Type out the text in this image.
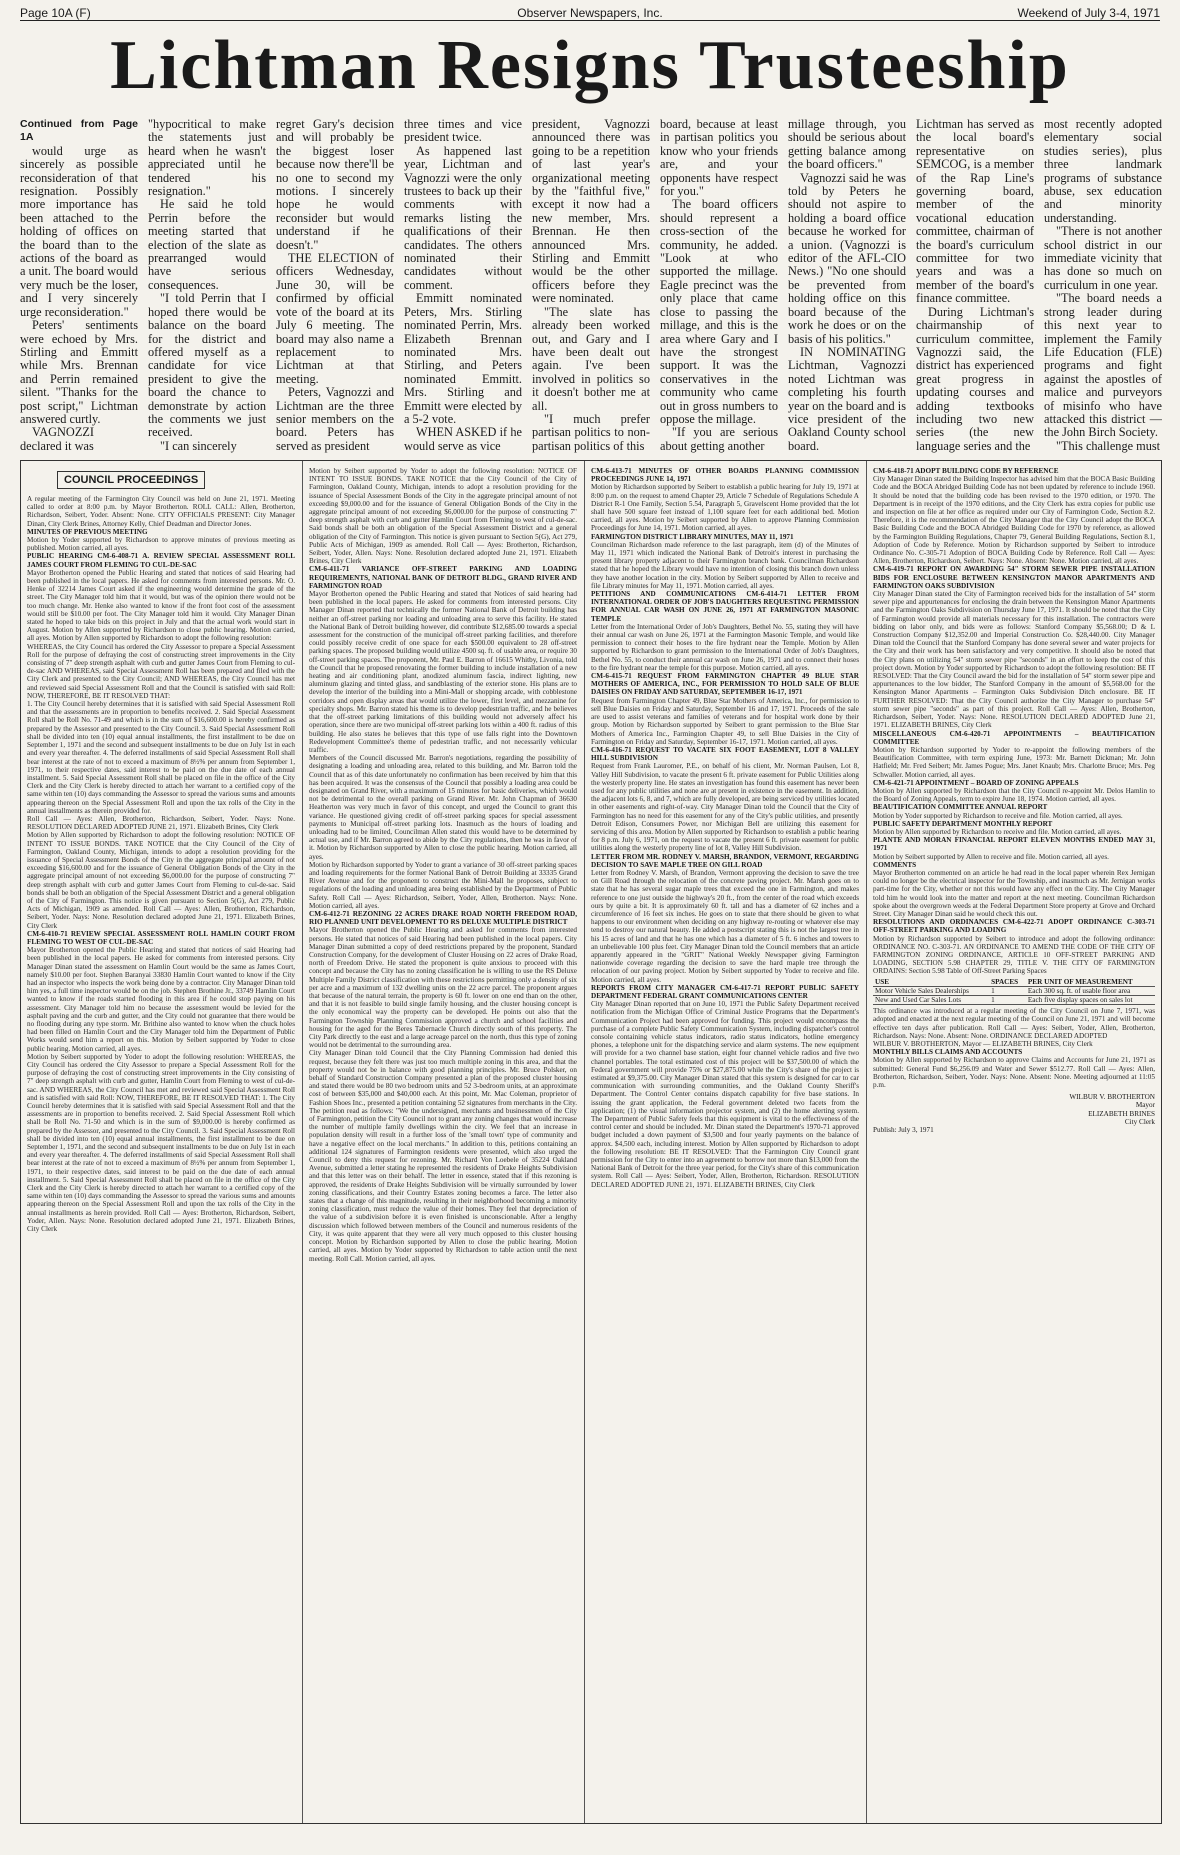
Page 10A (F)	Observer Newspapers, Inc.	Weekend of July 3-4, 1971
Lichtman Resigns Trusteeship

Continued from Page 1A

would urge as sincerely as possible reconsideration of that resignation. Possibly more importance has been attached to the holding of offices on the board than to the actions of the board as a unit. The board would very much be the loser, and I very sincerely urge reconsideration."

Peters' sentiments were echoed by Mrs. Stirling and Emmitt while Mrs. Brennan and Perrin remained silent. "Thanks for the post script," Lichtman answered curtly.

VAGNOZZI declared it was

"hypocritical to make the statements just heard when he wasn't appreciated until he tendered his resignation."

He said he told Perrin before the meeting started that election of the slate as prearranged would have serious consequences.

"I told Perrin that I hoped there would be balance on the board for the district and offered myself as a candidate for vice president to give the board the chance to demonstrate by action the comments we just received.

"I can sincerely

regret Gary's decision and will probably be the biggest loser because now there'll be no one to second my motions. I sincerely hope he would reconsider but would understand if he doesn't."

THE ELECTION of officers Wednesday, June 30, will be confirmed by official vote of the board at its July 6 meeting. The board may also name a replacement to Lichtman at that meeting.

Peters, Vagnozzi and Lichtman are the three senior members on the board. Peters has served as president

three times and vice president twice.

As happened last year, Lichtman and Vagnozzi were the only trustees to back up their comments with remarks listing the qualifications of their candidates. The others nominated their candidates without comment.

Emmitt nominated Peters, Mrs. Stirling nominated Perrin, Mrs. Elizabeth Brennan nominated Mrs. Stirling, and Peters nominated Emmitt. Mrs. Stirling and Emmitt were elected by a 5-2 vote.

WHEN ASKED if he would serve as vice

president, Vagnozzi announced there was going to be a repetition of last year's organizational meeting by the "faithful five," except it now had a new member, Mrs. Brennan. He then announced Mrs. Stirling and Emmitt would be the other officers before they were nominated.

"The slate has already been worked out, and Gary and I have been dealt out again. I've been involved in politics so it doesn't bother me at all.

"I much prefer partisan politics to non-partisan politics of this

board, because at least in partisan politics you know who your friends are, and your opponents have respect for you."

The board officers should represent a cross-section of the community, he added. "Look at who supported the millage. Eagle precinct was the only place that came close to passing the millage, and this is the area where Gary and I have the strongest support. It was the conservatives in the community who came out in gross numbers to oppose the millage.

"If you are serious about getting another

millage through, you should be serious about getting balance among the board officers."

Vagnozzi said he was told by Peters he should not aspire to holding a board office because he worked for a union. (Vagnozzi is editor of the AFL-CIO News.) "No one should be prevented from holding office on this board because of the work he does or on the basis of his politics."

IN NOMINATING Lichtman, Vagnozzi noted Lichtman was completing his fourth year on the board and is vice president of the Oakland County school board.

Lichtman has served as the local board's representative on SEMCOG, is a member of the Rap Line's governing board, member of the vocational education committee, chairman of the board's curriculum committee for two years and was a member of the board's finance committee.

During Lichtman's chairmanship of curriculum committee, Vagnozzi said, the district has experienced great progress in updating courses and adding textbooks including two new series (the new language series and the

most recently adopted elementary social studies series), plus three landmark programs of substance abuse, sex education and minority understanding.

"There is not another school district in our immediate vicinity that has done so much on curriculum in one year.

"The board needs a strong leader during this next year to implement the Family Life Education (FLE) programs and fight against the apostles of malice and purveyors of misinfo who have attacked this district — the John Birch Society.

"This challenge must

COUNCIL PROCEEDINGS

A regular meeting of the Farmington City Council was held on June 21, 1971. Meeting called to order at 8:00 p.m. by Mayor Brotherton. ROLL CALL: Allen, Brotherton, Richardson, Seibert, Yoder. Absent: None. CITY OFFICIALS PRESENT: City Manager Dinan, City Clerk Brines, Attorney Kelly, Chief Deadman and Director Jones.

MINUTES OF PREVIOUS MEETING

Motion by Yoder supported by Richardson to approve minutes of previous meeting as published. Motion carried, all ayes.

PUBLIC HEARING CM-6-408-71 A. REVIEW SPECIAL ASSESSMENT ROLL JAMES COURT FROM FLEMING TO CUL-DE-SAC

Mayor Brotherton opened the Public Hearing and stated that notices of said Hearing had been published in the local papers. He asked for comments from interested persons. Mr. O. Henke of 32214 James Court asked if the engineering would determine the grade of the street. The City Manager told him that it would, but was of the opinion there would not be too much change. Mr. Henke also wanted to know if the front foot cost of the assessment would still be $10.00 per foot. The City Manager told him it would. City Manager Dinan stated he hoped to take bids on this project in July and that the actual work would start in August. Motion by Allen supported by Richardson to close public hearing. Motion carried, all ayes. Motion by Allen supported by Richardson to adopt the following resolution:

WHEREAS, the City Council has ordered the City Assessor to prepare a Special Assessment Roll for the purpose of defraying the cost of constructing street improvements in the City consisting of 7" deep strength asphalt with curb and gutter James Court from Fleming to cul-de-sac AND WHEREAS, said Special Assessment Roll has been prepared and filed with the City Clerk and presented to the City Council; AND WHEREAS, the City Council has met and reviewed said Special Assessment Roll and that the Council is satisfied with said Roll: NOW, THEREFORE, BE IT RESOLVED THAT:

1. The City Council hereby determines that it is satisfied with said Special Assessment Roll and that the assessments are in proportion to benefits received. 2. Said Special Assessment Roll shall be Roll No. 71-49 and which is in the sum of $16,600.00 is hereby confirmed as prepared by the Assessor and presented to the City Council. 3. Said Special Assessment Roll shall be divided into ten (10) equal annual installments, the first installment to be due on September 1, 1971 and the second and subsequent installments to be due on July 1st in each and every year thereafter. 4. The deferred installments of said Special Assessment Roll shall bear interest at the rate of not to exceed a maximum of 8½% per annum from September 1, 1971, to their respective dates, said interest to be paid on the due date of each annual installment. 5. Said Special Assessment Roll shall be placed on file in the office of the City Clerk and the City Clerk is hereby directed to attach her warrant to a certified copy of the same within ten (10) days commanding the Assessor to spread the various sums and amounts appearing thereon on the Special Assessment Roll and upon the tax rolls of the City in the annual installments as therein provided for.

Roll Call — Ayes: Allen, Brotherton, Richardson, Seibert, Yoder. Nays: None. RESOLUTION DECLARED ADOPTED JUNE 21, 1971. Elizabeth Brines, City Clerk

Motion by Allen supported by Richardson to adopt the following resolution: NOTICE OF INTENT TO ISSUE BONDS. TAKE NOTICE that the City Council of the City of Farmington, Oakland County, Michigan, intends to adopt a resolution providing for the issuance of Special Assessment Bonds of the City in the aggregate principal amount of not exceeding $16,600.00 and for the issuance of General Obligation Bonds of the City in the aggregate principal amount of not exceeding $6,000.00 for the purpose of constructing 7" deep strength asphalt with curb and gutter James Court from Fleming to cul-de-sac. Said bonds shall be both an obligation of the Special Assessment District and a general obligation of the City of Farmington. This notice is given pursuant to Section 5(G), Act 279, Public Acts of Michigan, 1909 as amended. Roll Call — Ayes: Allen, Brotherton, Richardson, Seibert, Yoder. Nays: None. Resolution declared adopted June 21, 1971. Elizabeth Brines, City Clerk

CM-6-410-71 REVIEW SPECIAL ASSESSMENT ROLL HAMLIN COURT FROM FLEMING TO WEST OF CUL-DE-SAC

Mayor Brotherton opened the Public Hearing and stated that notices of said Hearing had been published in the local papers. He asked for comments from interested persons. City Manager Dinan stated the assessment on Hamlin Court would be the same as James Court, namely $10.00 per foot. Stephen Baranyai 33830 Hamlin Court wanted to know if the City had an inspector who inspects the work being done by a contractor. City Manager Dinan told him yes, a full time inspector would be on the job. Stephen Brothine Jr., 33749 Hamlin Court wanted to know if the roads started flooding in this area if he could stop paying on his assessment. City Manager told him no because the assessment would be levied for the asphalt paving and the curb and gutter, and the City could not guarantee that there would be no flooding during any type storm. Mr. Brithine also wanted to know when the chuck holes had been filled on Hamlin Court and the City Manager told him the Department of Public Works would send him a report on this. Motion by Seibert supported by Yoder to close public hearing. Motion carried, all ayes.

Motion by Seibert supported by Yoder to adopt the following resolution: WHEREAS, the City Council has ordered the City Assessor to prepare a Special Assessment Roll for the purpose of defraying the cost of constructing street improvements in the City consisting of 7" deep strength asphalt with curb and gutter, Hamlin Court from Fleming to west of cul-de-sac. AND WHEREAS, the City Council has met and reviewed said Special Assessment Roll and is satisfied with said Roll: NOW, THEREFORE, BE IT RESOLVED THAT: 1. The City Council hereby determines that it is satisfied with said Special Assessment Roll and that the assessments are in proportion to benefits received. 2. Said Special Assessment Roll which shall be Roll No. 71-50 and which is in the sum of $9,000.00 is hereby confirmed as prepared by the Assessor, and presented to the City Council. 3. Said Special Assessment Roll shall be divided into ten (10) equal annual installments, the first installment to be due on September 1, 1971, and the second and subsequent installments to be due on July 1st in each and every year thereafter. 4. The deferred installments of said Special Assessment Roll shall bear interest at the rate of not to exceed a maximum of 8½% per annum from September 1, 1971, to their respective dates, said interest to be paid on the due date of each annual installment. 5. Said Special Assessment Roll shall be placed on file in the office of the City Clerk and the City Clerk is hereby directed to attach her warrant to a certified copy of the same within ten (10) days commanding the Assessor to spread the various sums and amounts appearing thereon on the Special Assessment Roll and upon the tax rolls of the City in the annual installments as herein provided. Roll Call — Ayes: Brotherton, Richardson, Seibert, Yoder, Allen. Nays: None. Resolution declared adopted June 21, 1971. Elizabeth Brines, City Clerk

Motion by Seibert supported by Yoder to adopt the following resolution: NOTICE OF INTENT TO ISSUE BONDS. TAKE NOTICE that the City Council of the City of Farmington, Oakland County, Michigan, intends to adopt a resolution providing for the issuance of Special Assessment Bonds of the City in the aggregate principal amount of not exceeding $9,000.00 and for the issuance of General Obligation Bonds of the City in the aggregate principal amount of not exceeding $6,000.00 for the purpose of constructing 7" deep strength asphalt with curb and gutter Hamlin Court from Fleming to west of cul-de-sac. Said bonds shall be both an obligation of the Special Assessment District and a general obligation of the City of Farmington. This notice is given pursuant to Section 5(G), Act 279, Public Acts of Michigan, 1909 as amended. Roll Call — Ayes: Brotherton, Richardson, Seibert, Yoder, Allen. Nays: None. Resolution declared adopted June 21, 1971. Elizabeth Brines, City Clerk

CM-6-411-71 VARIANCE OFF-STREET PARKING AND LOADING REQUIREMENTS, NATIONAL BANK OF DETROIT BLDG., GRAND RIVER AND FARMINGTON ROAD

Mayor Brotherton opened the Public Hearing and stated that Notices of said hearing had been published in the local papers. He asked for comments from interested persons. City Manager Dinan reported that technically the former National Bank of Detroit building has neither an off-street parking nor loading and unloading area to serve this facility. He stated the National Bank of Detroit building however, did contribute $12,685.00 towards a special assessment for the construction of the municipal off-street parking facilities, and therefore could possibly receive credit of one space for each $500.00 equivalent to 28 off-street parking spaces. The proposed building would utilize 4500 sq. ft. of usable area, or require 30 off-street parking spaces. The proponent, Mr. Paul E. Barron of 16615 Whitby, Livonia, told the Council that he proposed renovating the former building to include installation of a new heating and air conditioning plant, anodized aluminum fascia, indirect lighting, new aluminum glazing and tinted glass, and sandblasting of the exterior stone. His plans are to develop the interior of the building into a Mini-Mall or shopping arcade, with cobblestone corridors and open display areas that would utilize the lower, first level, and mezzanine for specialty shops. Mr. Barron stated his theme is to develop pedestrian traffic, and he believes that the off-street parking limitations of this building would not adversely affect his operation, since there are two municipal off-street parking lots within a 400 ft. radius of this building. He also states he believes that this type of use falls right into the Downtown Redevelopment Committee's theme of pedestrian traffic, and not necessarily vehicular traffic.

Members of the Council discussed Mr. Barron's negotiations, regarding the possibility of designating a loading and unloading area, related to this building, and Mr. Barron told the Council that as of this date unfortunately no confirmation has been received by him that this has been acquired. It was the consensus of the Council that possibly a loading area could be designated on Grand River, with a maximum of 15 minutes for basic deliveries, which would not be detrimental to the overall parking on Grand River. Mr. John Chapman of 36630 Heatherton was very much in favor of this concept, and urged the Council to grant this variance. He questioned giving credit of off-street parking spaces for special assessment payments to Municipal off-street parking lots. Inasmuch as the hours of loading and unloading had to be limited, Councilman Allen stated this would have to be determined by actual use, and if Mr. Barron agreed to abide by the City regulations, then he was in favor of it. Motion by Richardson supported by Allen to close the public hearing. Motion carried, all ayes.

Motion by Richardson supported by Yoder to grant a variance of 30 off-street parking spaces and loading requirements for the former National Bank of Detroit Building at 33335 Grand River Avenue and for the proponent to construct the Mini-Mall he proposes, subject to regulations of the loading and unloading area being established by the Department of Public Safety. Roll Call — Ayes: Richardson, Seibert, Yoder, Allen, Brotherton. Nays: None. Motion carried, all ayes.

CM-6-412-71 REZONING 22 ACRES DRAKE ROAD NORTH FREEDOM ROAD, RIO PLANNED UNIT DEVELOPMENT TO RS DELUXE MULTIPLE DISTRICT

Mayor Brotherton opened the Public Hearing and asked for comments from interested persons. He stated that notices of said Hearing had been published in the local papers. City Manager Dinan submitted a copy of deed restrictions prepared by the proponent, Standard Construction Company, for the development of Cluster Housing on 22 acres of Drake Road, north of Freedom Drive. He stated the proponent is quite anxious to proceed with this concept and because the City has no zoning classification he is willing to use the RS Deluxe Multiple Family District classification with these restrictions permitting only a density of six per acre and a maximum of 132 dwelling units on the 22 acre parcel. The proponent argues that because of the natural terrain, the property is 60 ft. lower on one end than on the other, and that it is not feasible to build single family housing, and the cluster housing concept is the only economical way the property can be developed. He points out also that the Farmington Township Planning Commission approved a church and school facilities and housing for the aged for the Beres Tabernacle Church directly south of this property. The City Park directly to the east and a large acreage parcel on the north, thus this type of zoning would not be detrimental to the surrounding area.

City Manager Dinan told Council that the City Planning Commission had denied this request, because they felt there was just too much multiple zoning in this area, and that the property would not be in balance with good planning principles. Mr. Bruce Polsker, on behalf of Standard Construction Company presented a plan of the proposed cluster housing and stated there would be 80 two bedroom units and 52 3-bedroom units, at an approximate cost of between $35,000 and $40,000 each. At this point, Mr. Mac Coleman, proprietor of Fashion Shoes Inc., presented a petition containing 52 signatures from merchants in the City. The petition read as follows: "We the undersigned, merchants and businessmen of the City of Farmington, petition the City Council not to grant any zoning changes that would increase the number of multiple family dwellings within the city. We feel that an increase in population density will result in a further loss of the 'small town' type of community and have a negative effect on the local merchants." In addition to this, petitions containing an additional 124 signatures of Farmington residents were presented, which also urged the Council to deny this request for rezoning. Mr. Richard Von Loebele of 35224 Oakland Avenue, submitted a letter stating he represented the residents of Drake Heights Subdivision and that this letter was on their behalf. The letter in essence, stated that if this rezoning is approved, the residents of Drake Heights Subdivision will be virtually surrounded by lower zoning classifications, and their Country Estates zoning becomes a farce. The letter also states that a change of this magnitude, resulting in their neighborhood becoming a minority zoning classification, must reduce the value of their homes. They feel that depreciation of the value of a subdivision before it is even finished is unconscionable. After a lengthy discussion which followed between members of the Council and numerous residents of the City, it was quite apparent that they were all very much opposed to this cluster housing concept. Motion by Richardson supported by Allen to close the public hearing. Motion carried, all ayes. Motion by Yoder supported by Richardson to table action until the next meeting. Roll Call. Motion carried, all ayes.

CM-6-413-71 MINUTES OF OTHER BOARDS PLANNING COMMISSION PROCEEDINGS JUNE 14, 1971

Motion by Richardson supported by Seibert to establish a public hearing for July 19, 1971 at 8:00 p.m. on the request to amend Chapter 29, Article 7 Schedule of Regulations Schedule A District R-1 One Family, Section 5.54, Paragraph 5, Gravelscent Home provided that the lot shall have 500 square feet instead of 1,100 square feet for each additional bed. Motion carried, all ayes. Motion by Seibert supported by Allen to approve Planning Commission Proceedings for June 14, 1971. Motion carried, all ayes.

FARMINGTON DISTRICT LIBRARY MINUTES, MAY 11, 1971

Councilman Richardson made reference to the last paragraph, item (d) of the Minutes of May 11, 1971 which indicated the National Bank of Detroit's interest in purchasing the present library property adjacent to their Farmington branch bank. Councilman Richardson stated that he hoped the Library would have no intention of closing this branch down unless they have another location in the city. Motion by Seibert supported by Allen to receive and file Library minutes for May 11, 1971. Motion carried, all ayes.

PETITIONS AND COMMUNICATIONS CM-6-414-71 LETTER FROM INTERNATIONAL ORDER OF JOB'S DAUGHTERS REQUESTING PERMISSION FOR ANNUAL CAR WASH ON JUNE 26, 1971 AT FARMINGTON MASONIC TEMPLE

Letter from the International Order of Job's Daughters, Bethel No. 55, stating they will have their annual car wash on June 26, 1971 at the Farmington Masonic Temple, and would like permission to connect their hoses to the fire hydrant near the Temple. Motion by Allen supported by Richardson to grant permission to the International Order of Job's Daughters, Bethel No. 55, to conduct their annual car wash on June 26, 1971 and to connect their hoses to the fire hydrant near the temple for this purpose. Motion carried, all ayes.

CM-6-415-71 REQUEST FROM FARMINGTON CHAPTER 49 BLUE STAR MOTHERS OF AMERICA, INC., FOR PERMISSION TO HOLD SALE OF BLUE DAISIES ON FRIDAY AND SATURDAY, SEPTEMBER 16-17, 1971

Request from Farmington Chapter 49, Blue Star Mothers of America, Inc., for permission to sell Blue Daisies on Friday and Saturday, September 16 and 17, 1971. Proceeds of the sale are used to assist veterans and families of veterans and for hospital work done by their group. Motion by Richardson supported by Seibert to grant permission to the Blue Star Mothers of America Inc., Farmington Chapter 49, to sell Blue Daisies in the City of Farmington on Friday and Saturday, September 16-17, 1971. Motion carried, all ayes.

CM-6-416-71 REQUEST TO VACATE SIX FOOT EASEMENT, LOT 8 VALLEY HILL SUBDIVISION

Request from Frank Lauromer, P.E., on behalf of his client, Mr. Norman Paulsen, Lot 8, Valley Hill Subdivision, to vacate the present 6 ft. private easement for Public Utilities along the westerly property line. He states an investigation has found this easement has never been used for any public utilities and none are at present in existence in the easement. In addition, the adjacent lots 6, 8, and 7, which are fully developed, are being serviced by utilities located in other easements and right-of-way. City Manager Dinan told the Council that the City of Farmington has no need for this easement for any of the City's public utilities, and presently Detroit Edison, Consumers Power, nor Michigan Bell are utilizing this easement for servicing of this area. Motion by Allen supported by Richardson to establish a public hearing for 8 p.m. July 6, 1971, on the request to vacate the present 6 ft. private easement for public utilities along the westerly property line of lot 8, Valley Hill Subdivision.

LETTER FROM MR. RODNEY V. MARSH, BRANDON, VERMONT, REGARDING DECISION TO SAVE MAPLE TREE ON GILL ROAD

Letter from Rodney V. Marsh, of Brandon, Vermont approving the decision to save the tree on Gill Road through the relocation of the concrete paving project. Mr. Marsh goes on to state that he has several sugar maple trees that exceed the one in Farmington, and makes reference to one just outside the highway's 20 ft., from the center of the road which exceeds ours by quite a bit. It is approximately 60 ft. tall and has a diameter of 62 inches and a circumference of 16 feet six inches. He goes on to state that there should be given to what happens to our environment when deciding on any highway re-routing or whatever else may tend to destroy our natural beauty. He added a postscript stating this is not the largest tree in his 15 acres of land and that he has one which has a diameter of 5 ft. 6 inches and towers to an unbelievable 100 plus feet. City Manager Dinan told the Council members that an article apparently appeared in the "GRIT" National Weekly Newspaper giving Farmington nationwide coverage regarding the decision to save the hard maple tree through the relocation of our paving project. Motion by Seibert supported by Yoder to receive and file. Motion carried, all ayes.

REPORTS FROM CITY MANAGER CM-6-417-71 REPORT PUBLIC SAFETY DEPARTMENT FEDERAL GRANT COMMUNICATIONS CENTER

City Manager Dinan reported that on June 10, 1971 the Public Safety Department received notification from the Michigan Office of Criminal Justice Programs that the Department's Communication Project had been approved for funding. This project would encompass the purchase of a complete Public Safety Communication System, including dispatcher's control console containing vehicle status indicators, radio status indicators, hotline emergency phones, a telephone unit for the dispatching service and alarm systems. The new equipment will provide for a two channel base station, eight four channel vehicle radios and five two channel portables. The total estimated cost of this project will be $37,500.00 of which the Federal government will provide 75% or $27,875.00 while the City's share of the project is estimated at $9,375.00. City Manager Dinan stated that this system is designed for car to car communication with surrounding communities, and the Oakland County Sheriff's Department. The Control Center contains dispatch capability for five base stations. In issuing the grant application, the Federal government deleted two facets from the application; (1) the visual information projector system, and (2) the home alerting system. The Department of Public Safety feels that this equipment is vital to the effectiveness of the control center and should be included. Mr. Dinan stated the Department's 1970-71 approved budget included a down payment of $3,500 and four yearly payments on the balance of approx. $4,500 each, including interest. Motion by Allen supported by Richardson to adopt the following resolution: BE IT RESOLVED: That the Farmington City Council grant permission for the City to enter into an agreement to borrow not more than $13,000 from the National Bank of Detroit for the three year period, for the City's share of this communication system. Roll Call — Ayes: Seibert, Yoder, Allen, Brotherton, Richardson. RESOLUTION DECLARED ADOPTED JUNE 21, 1971. ELIZABETH BRINES, City Clerk

CM-6-418-71 ADOPT BUILDING CODE BY REFERENCE

City Manager Dinan stated the Building Inspector has advised him that the BOCA Basic Building Code and the BOCA Abridged Building Code has not been updated by reference to include 1960. It should be noted that the building code has been revised to the 1970 edition, or 1970. The Department is in receipt of the 1970 editions, and the City Clerk has extra copies for public use and inspection on file at her office as required under our City of Farmington Code, Section 8.2. Therefore, it is the recommendation of the City Manager that the City Council adopt the BOCA Basic Building Code and the BOCA Abridged Building Code for 1970 by reference, as allowed by the Farmington Building Regulations, Chapter 79, General Building Regulations, Section 8.1, Adoption of Code by Reference. Motion by Richardson supported by Seibert to introduce Ordinance No. C-305-71 Adoption of BOCA Building Code by Reference. Roll Call — Ayes: Allen, Brotherton, Richardson, Seibert. Nays: None. Absent: None. Motion carried, all ayes.

CM-6-419-71 REPORT ON AWARDING 54" STORM SEWER PIPE INSTALLATION BIDS FOR ENCLOSURE BETWEEN KENSINGTON MANOR APARTMENTS AND FARMINGTON OAKS SUBDIVISION

City Manager Dinan stated the City of Farmington received bids for the installation of 54" storm sewer pipe and appurtenances for enclosing the drain between the Kensington Manor Apartments and the Farmington Oaks Subdivision on Thursday June 17, 1971. It should be noted that the City of Farmington would provide all materials necessary for this installation. The contractors were bidding on labor only, and bids were as follows: Stanford Company $5,568.00; D & L Construction Company $12,352.00 and Imperial Construction Co. $28,440.00. City Manager Dinan told the Council that the Stanford Company has done several sewer and water projects for the City and their work has been satisfactory and very competitive. It should also be noted that the City plans on utilizing 54" storm sewer pipe "seconds" in an effort to keep the cost of this project down. Motion by Yoder supported by Richardson to adopt the following resolution: BE IT RESOLVED: That the City Council award the bid for the installation of 54" storm sewer pipe and appurtenances to the low bidder, The Stanford Company in the amount of $5,568.00 for the Kensington Manor Apartments – Farmington Oaks Subdivision Ditch enclosure. BE IT FURTHER RESOLVED: That the City Council authorize the City Manager to purchase 54" storm sewer pipe "seconds" as part of this project. Roll Call — Ayes: Allen, Brotherton, Richardson, Seibert, Yoder. Nays: None. RESOLUTION DECLARED ADOPTED June 21, 1971. ELIZABETH BRINES, City Clerk

MISCELLANEOUS CM-6-420-71 APPOINTMENTS – BEAUTIFICATION COMMITTEE

Motion by Richardson supported by Yoder to re-appoint the following members of the Beautification Committee, with term expiring June, 1973: Mr. Barnett Dickman; Mr. John Hatfield; Mr. Fred Seibert; Mr. James Pogue; Mrs. Janet Knaub; Mrs. Charlotte Bruce; Mrs. Peg Schwaller. Motion carried, all ayes.

CM-6-421-71 APPOINTMENT – BOARD OF ZONING APPEALS

Motion by Allen supported by Richardson that the City Council re-appoint Mr. Delos Hamlin to the Board of Zoning Appeals, term to expire June 18, 1974. Motion carried, all ayes.

BEAUTIFICATION COMMITTEE ANNUAL REPORT

Motion by Yoder supported by Richardson to receive and file. Motion carried, all ayes.

PUBLIC SAFETY DEPARTMENT MONTHLY REPORT

Motion by Allen supported by Richardson to receive and file. Motion carried, all ayes.

PLANTE AND MORAN FINANCIAL REPORT ELEVEN MONTHS ENDED MAY 31, 1971

Motion by Seibert supported by Allen to receive and file. Motion carried, all ayes.

COMMENTS

Mayor Brotherton commented on an article he had read in the local paper wherein Rex Jernigan could no longer be the electrical inspector for the Township, and inasmuch as Mr. Jernigan works part-time for the City, whether or not this would have any effect on the City. The City Manager told him he would look into the matter and report at the next meeting. Councilman Richardson spoke about the overgrown weeds at the Federal Department Store property at Grove and Orchard Street. City Manager Dinan said he would check this out.

RESOLUTIONS AND ORDINANCES CM-6-422-71 ADOPT ORDINANCE C-303-71 OFF-STREET PARKING AND LOADING

Motion by Richardson supported by Seibert to introduce and adopt the following ordinance: ORDINANCE NO. C-303-71. AN ORDINANCE TO AMEND THE CODE OF THE CITY OF FARMINGTON ZONING ORDINANCE, ARTICLE 10 OFF-STREET PARKING AND LOADING, SECTION 5.98 CHAPTER 29, TITLE V. THE CITY OF FARMINGTON ORDAINS: Section 5.98 Table of Off-Street Parking Spaces

USE	SPACES	PER UNIT OF MEASUREMENT
Motor Vehicle Sales Dealerships	1	Each 300 sq. ft. of usable floor area
New and Used Car Sales Lots	1	Each five display spaces on sales lot

This ordinance was introduced at a regular meeting of the City Council on June 7, 1971, was adopted and enacted at the next regular meeting of the Council on June 21, 1971 and will become effective ten days after publication. Roll Call — Ayes: Seibert, Yoder, Allen, Brotherton, Richardson. Nays: None. Absent: None. ORDINANCE DECLARED ADOPTED

WILBUR V. BROTHERTON, Mayor — ELIZABETH BRINES, City Clerk

MONTHLY BILLS CLAIMS AND ACCOUNTS

Motion by Allen supported by Richardson to approve Claims and Accounts for June 21, 1971 as submitted: General Fund $6,256.09 and Water and Sewer $512.77. Roll Call — Ayes: Allen, Brotherton, Richardson, Seibert, Yoder. Nays: None. Absent: None. Meeting adjourned at 11:05 p.m.

WILBUR V. BROTHERTON
Mayor
ELIZABETH BRINES
City Clerk
Publish: July 3, 1971
